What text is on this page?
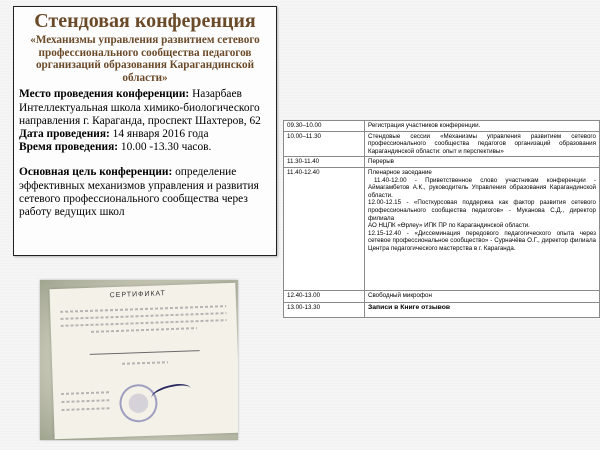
Стендовая конференция
«Механизмы управления развитием сетевого профессионального сообщества педагогов организаций образования Карагандинской области»

Место проведения конференции: Назарбаев Интеллектуальная школа химико-биологического направления г. Караганда, проспект Шахтеров, 62

Дата проведения: 14 января 2016 года

Время проведения: 10.00 -13.30 часов.

Основная цель конференции: определение эффективных механизмов управления и развития сетевого профессионального сообщества через работу ведущих школ

СЕРТИФИКАТ
09.30–10.00	Регистрация участников конференции.

10.00–11.30	Стендовые сессии «Механизмы управления развитием сетевого профессионального сообщества педагогов организаций образования Карагандинской области: опыт и перспективы»

11.30-11.40	Перерыв

11.40-12.40	Пленарное заседание
11.40-12.00 - Приветственное слово участникам конференции - Аймагамбетов А.К., руководитель Управления образования Карагандинской области.
12.00-12.15 - «Посткурсовая поддержка как фактор развития сетевого профессионального сообщества педагогов» - Муканова С.Д., директор филиала
АО НЦПК «Өрлеу» ИПК ПР по Карагандинской области.
12.15-12.40 - «Диссеминация передового педагогического опыта через сетевое профессиональное сообщество» - Сурначёва О.Г., директор филиала Центра педагогического мастерства в г. Караганда.

12.40-13.00	Свободный микрофон

13.00-13.30	Записи в Книге отзывов
